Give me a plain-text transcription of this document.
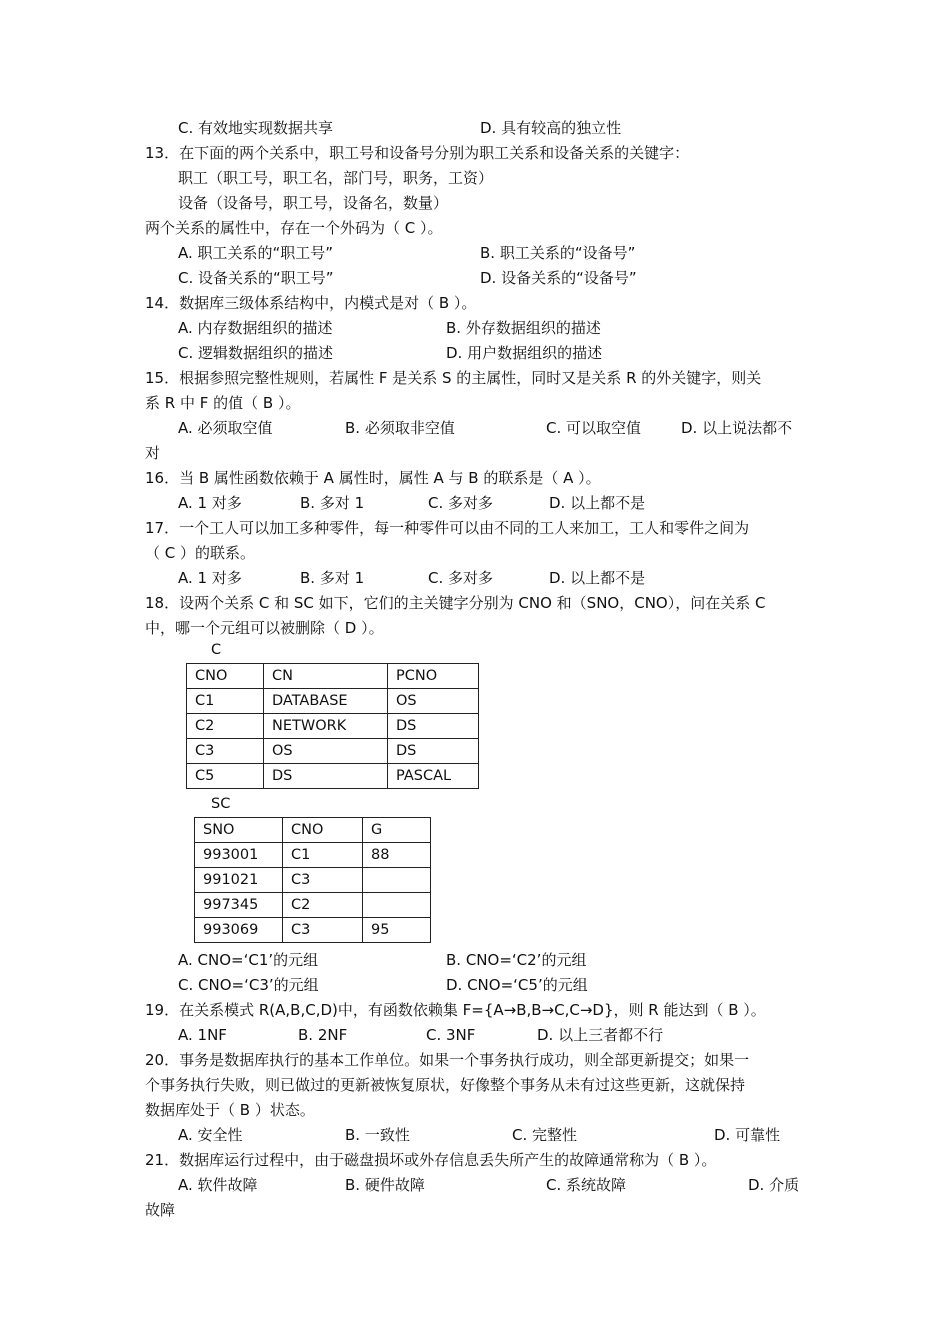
C. 有效地实现数据共享	D. 具有较高的独立性
13．在下面的两个关系中，职工号和设备号分别为职工关系和设备关系的关键字：
职工（职工号，职工名，部门号，职务，工资）
设备（设备号，职工号，设备名，数量）
两个关系的属性中，存在一个外码为（ C ）。
A. 职工关系的“职工号”	B. 职工关系的“设备号”
C. 设备关系的“职工号”	D. 设备关系的“设备号”
14．数据库三级体系结构中，内模式是对（ B ）。
A. 内存数据组织的描述	B. 外存数据组织的描述
C. 逻辑数据组织的描述	D. 用户数据组织的描述
15．根据参照完整性规则，若属性 F 是关系 S 的主属性，同时又是关系 R 的外关键字，则关
系 R 中 F 的值（ B ）。
A. 必须取空值	B. 必须取非空值	C. 可以取空值	D. 以上说法都不
对
16．当 B 属性函数依赖于 A 属性时，属性 A 与 B 的联系是（ A ）。
A. 1 对多	B. 多对 1	C. 多对多	D. 以上都不是
17．一个工人可以加工多种零件，每一种零件可以由不同的工人来加工，工人和零件之间为
（ C ）的联系。
A. 1 对多	B. 多对 1	C. 多对多	D. 以上都不是
18．设两个关系 C 和 SC 如下，它们的主关键字分别为 CNO 和（SNO，CNO），问在关系 C
中，哪一个元组可以被删除（ D ）。
C
CNO	CN	PCNO
C1	DATABASE	OS
C2	NETWORK	DS
C3	OS	DS
C5	DS	PASCAL
SC
SNO	CNO	G
993001	C1	88
991021	C3	
997345	C2	
993069	C3	95
A. CNO=‘C1’的元组	B. CNO=‘C2’的元组
C. CNO=‘C3’的元组	D. CNO=‘C5’的元组
19．在关系模式 R(A,B,C,D)中，有函数依赖集 F={A→B,B→C,C→D}，则 R 能达到（ B ）。
A. 1NF	B. 2NF	C. 3NF	D. 以上三者都不行
20．事务是数据库执行的基本工作单位。如果一个事务执行成功，则全部更新提交；如果一
个事务执行失败，则已做过的更新被恢复原状，好像整个事务从未有过这些更新，这就保持
数据库处于（ B ）状态。
A. 安全性	B. 一致性	C. 完整性	D. 可靠性
21．数据库运行过程中，由于磁盘损坏或外存信息丢失所产生的故障通常称为（ B ）。
A. 软件故障	B. 硬件故障	C. 系统故障	D. 介质
故障
